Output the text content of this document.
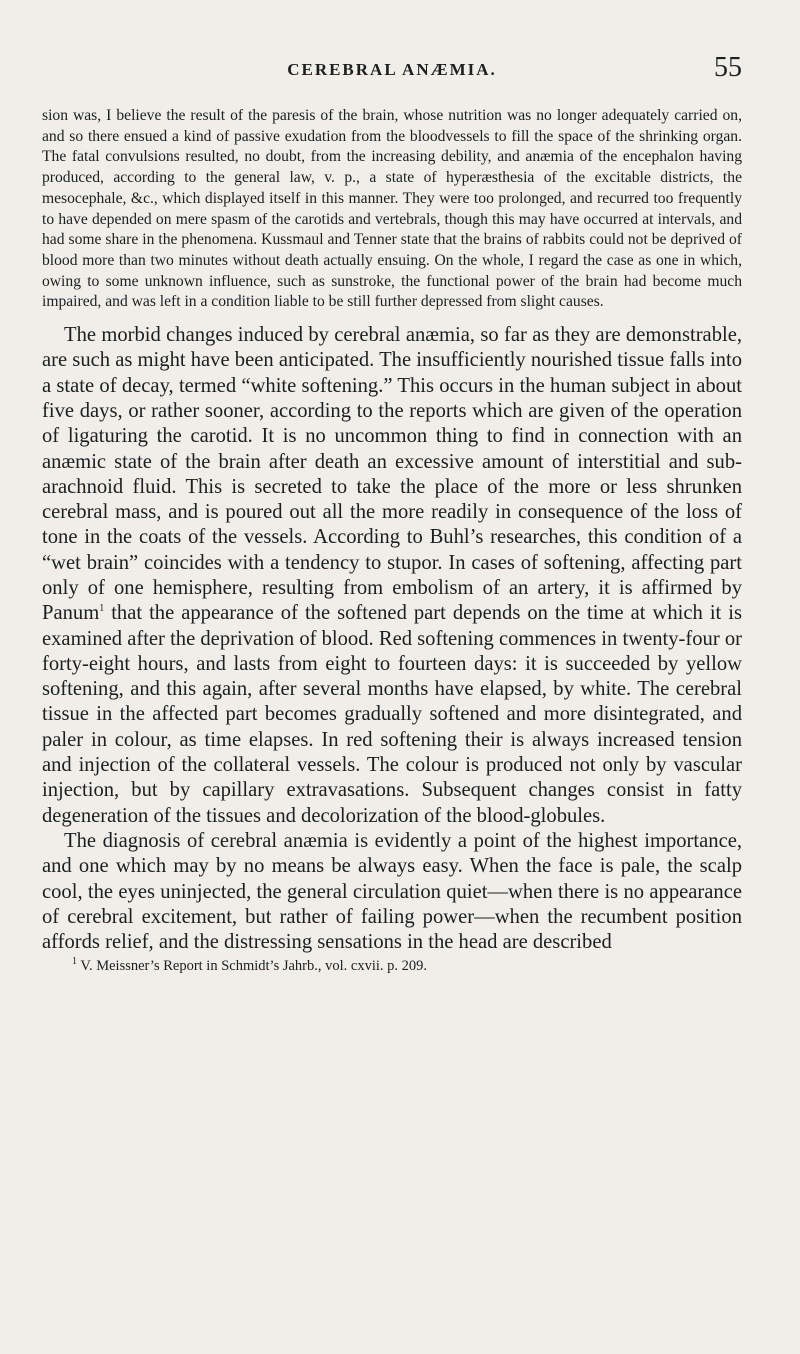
CEREBRAL ANÆMIA.	55

sion was, I believe the result of the paresis of the brain, whose nutrition was no longer adequately carried on, and so there ensued a kind of passive exudation from the bloodvessels to fill the space of the shrinking organ. The fatal convulsions resulted, no doubt, from the increasing debility, and anæmia of the encephalon having produced, according to the general law, v. p., a state of hyperæsthesia of the excitable districts, the mesocephale, &c., which displayed itself in this manner. They were too prolonged, and recurred too frequently to have depended on mere spasm of the carotids and vertebrals, though this may have occurred at intervals, and had some share in the phenomena. Kussmaul and Tenner state that the brains of rabbits could not be deprived of blood more than two minutes without death actually ensuing. On the whole, I regard the case as one in which, owing to some unknown influence, such as sunstroke, the functional power of the brain had become much impaired, and was left in a condition liable to be still further depressed from slight causes.

The morbid changes induced by cerebral anæmia, so far as they are demonstrable, are such as might have been anticipated. The insufficiently nourished tissue falls into a state of decay, termed “white softening.” This occurs in the human subject in about five days, or rather sooner, according to the reports which are given of the operation of ligaturing the carotid. It is no uncommon thing to find in connection with an anæmic state of the brain after death an excessive amount of interstitial and sub-arachnoid fluid. This is secreted to take the place of the more or less shrunken cerebral mass, and is poured out all the more readily in consequence of the loss of tone in the coats of the vessels. According to Buhl’s researches, this condition of a “wet brain” coincides with a tendency to stupor. In cases of softening, affecting part only of one hemisphere, resulting from embolism of an artery, it is affirmed by Panum$^1$ that the appearance of the softened part depends on the time at which it is examined after the deprivation of blood. Red softening commences in twenty-four or forty-eight hours, and lasts from eight to fourteen days: it is succeeded by yellow softening, and this again, after several months have elapsed, by white. The cerebral tissue in the affected part becomes gradually softened and more disintegrated, and paler in colour, as time elapses. In red softening their is always increased tension and injection of the collateral vessels. The colour is produced not only by vascular injection, but by capillary extravasations. Subsequent changes consist in fatty degeneration of the tissues and decolorization of the blood-globules.

The diagnosis of cerebral anæmia is evidently a point of the highest importance, and one which may by no means be always easy. When the face is pale, the scalp cool, the eyes uninjected, the general circulation quiet—when there is no appearance of cerebral excitement, but rather of failing power—when the recumbent position affords relief, and the distressing sensations in the head are described

$^1$ V. Meissner’s Report in Schmidt’s Jahrb., vol. cxvii. p. 209.
